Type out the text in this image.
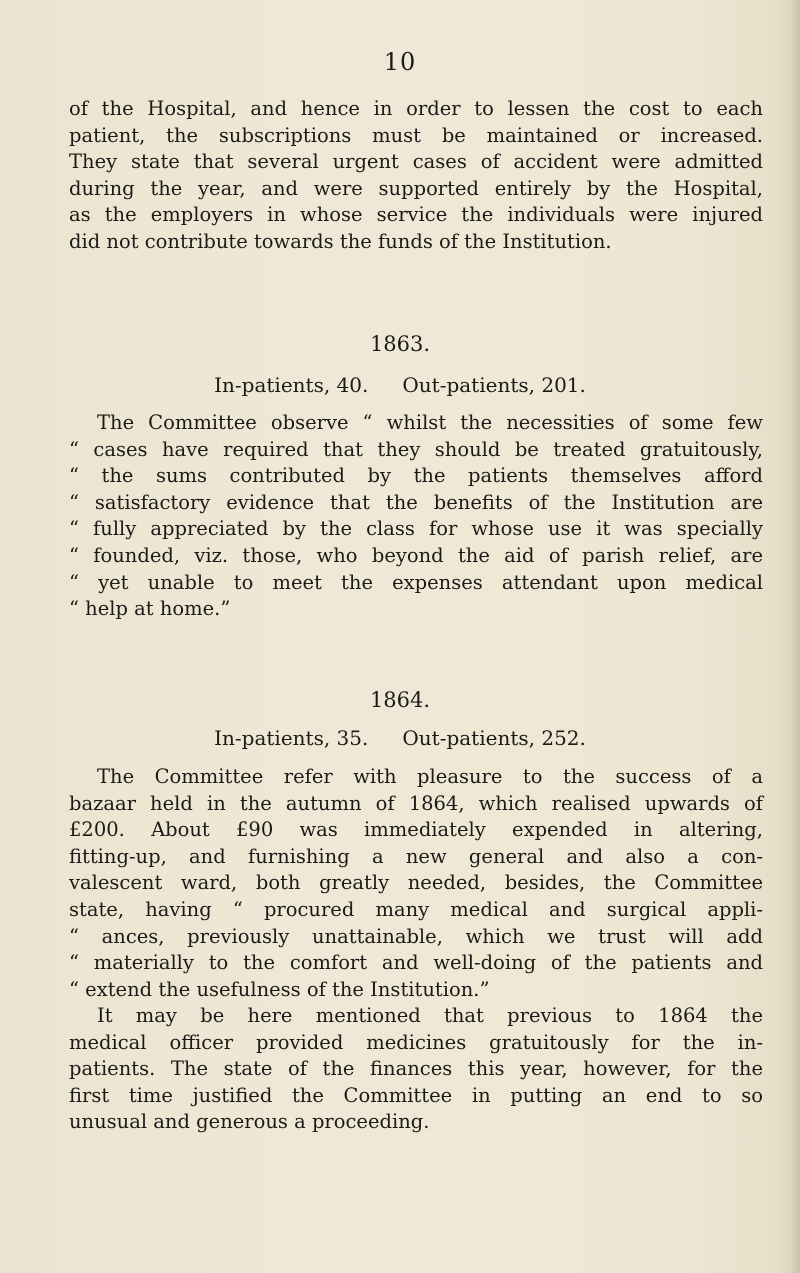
10
of the Hospital, and hence in order to lessen the cost to each
patient, the subscriptions must be maintained or increased.
They state that several urgent cases of accident were admitted
during the year, and were supported entirely by the Hospital,
as the employers in whose service the individuals were injured
did not contribute towards the funds of the Institution.
1863.
In-patients, 40. Out-patients, 201.
The Committee observe “ whilst the necessities of some few
“ cases have required that they should be treated gratuitously,
“ the sums contributed by the patients themselves afford
“ satisfactory evidence that the benefits of the Institution are
“ fully appreciated by the class for whose use it was specially
“ founded, viz. those, who beyond the aid of parish relief, are
“ yet unable to meet the expenses attendant upon medical
“ help at home.”
1864.
In-patients, 35. Out-patients, 252.
The Committee refer with pleasure to the success of a
bazaar held in the autumn of 1864, which realised upwards of
£200. About £90 was immediately expended in altering,
fitting-up, and furnishing a new general and also a con-
valescent ward, both greatly needed, besides, the Committee
state, having “ procured many medical and surgical appli-
“ ances, previously unattainable, which we trust will add
“ materially to the comfort and well-doing of the patients and
“ extend the usefulness of the Institution.”
It may be here mentioned that previous to 1864 the
medical officer provided medicines gratuitously for the in-
patients. The state of the finances this year, however, for the
first time justified the Committee in putting an end to so
unusual and generous a proceeding.
